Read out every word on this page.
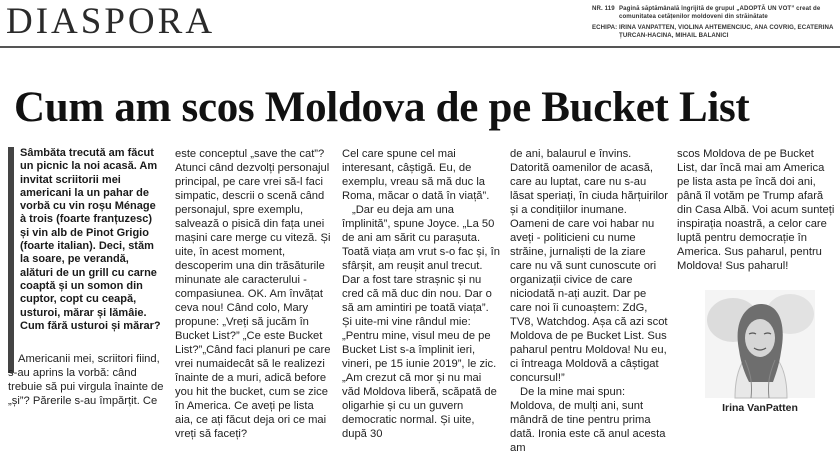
DIASPORA	NR. 119 Pagină săptămânală îngrijită de grupul „ADOPTĂ UN VOT” creat de comunitatea cetățenilor moldoveni din străinătate
ECHIPA: IRINA VANPATTEN, VIOLINA AHTEMENCIUC, ANA COVRIG, ECATERINA ȚURCAN-HACINA, MIHAIL BALANICI
Cum am scos Moldova de pe Bucket List

Sâmbăta trecută am făcut un picnic la noi acasă. Am invitat scriitorii mei americani la un pahar de vorbă cu vin roșu Ménage à trois (foarte franțuzesc) și vin alb de Pinot Grigio (foarte italian). Deci, stăm la soare, pe verandă, alături de un grill cu carne coaptă și un somon din cuptor, copt cu ceapă, usturoi, mărar și lămâie. Cum fără usturoi și mărar?

Americanii mei, scriitori fiind, s-au aprins la vorbă: când trebuie să pui virgula înainte de „și”? Părerile s-au împărțit. Ce

este conceptul „save the cat”? Atunci când dezvolți personajul principal, pe care vrei să-l faci simpatic, descrii o scenă când personajul, spre exemplu, salvează o pisică din fața unei mașini care merge cu viteză. Și uite, în acest moment, descoperim una din trăsăturile minunate ale caracterului - compasiunea. OK. Am învățat ceva nou! Când colo, Mary propune: „Vreți să jucăm în Bucket List?” „Ce este Bucket List?”„Când faci planuri pe care vrei numaidecât să le realizezi înainte de a muri, adică before you hit the bucket, cum se zice în America. Ce aveți pe lista aia, ce ați făcut deja ori ce mai vreți să faceți?

Cel care spune cel mai interesant, câștigă. Eu, de exemplu, vreau să mă duc la Roma, măcar o dată în viață”.

„Dar eu deja am una împlinită”, spune Joyce. „La 50 de ani am sărit cu parașuta. Toată viața am vrut s-o fac și, în sfârșit, am reușit anul trecut. Dar a fost tare strașnic și nu cred că mă duc din nou. Dar o să am amintiri pe toată viața”. Și uite-mi vine rândul mie: „Pentru mine, visul meu de pe Bucket List s-a împlinit ieri, vineri, pe 15 iunie 2019”, le zic. „Am crezut că mor și nu mai văd Moldova liberă, scăpată de oligarhie și cu un guvern democratic normal. Și uite, după 30

de ani, balaurul e învins. Datorită oamenilor de acasă, care au luptat, care nu s-au lăsat speriați, în ciuda hărțuirilor și a condițiilor inumane. Oameni de care voi habar nu aveți - politicieni cu nume străine, jurnaliști de la ziare care nu vă sunt cunoscute ori organizații civice de care niciodată n-ați auzit. Dar pe care noi îi cunoaștem: ZdG, TV8, Watchdog. Așa că azi scot Moldova de pe Bucket List. Sus paharul pentru Moldova! Nu eu, ci întreaga Moldovă a câștigat concursul!”

De la mine mai spun: Moldova, de mulți ani, sunt mândră de tine pentru prima dată. Ironia este că anul acesta am

scos Moldova de pe Bucket List, dar încă mai am America pe lista asta pe încă doi ani, până îl votăm pe Trump afară din Casa Albă. Voi acum sunteți inspirația noastră, a celor care luptă pentru democrație în America. Sus paharul, pentru Moldova! Sus paharul!

Irina VanPatten
